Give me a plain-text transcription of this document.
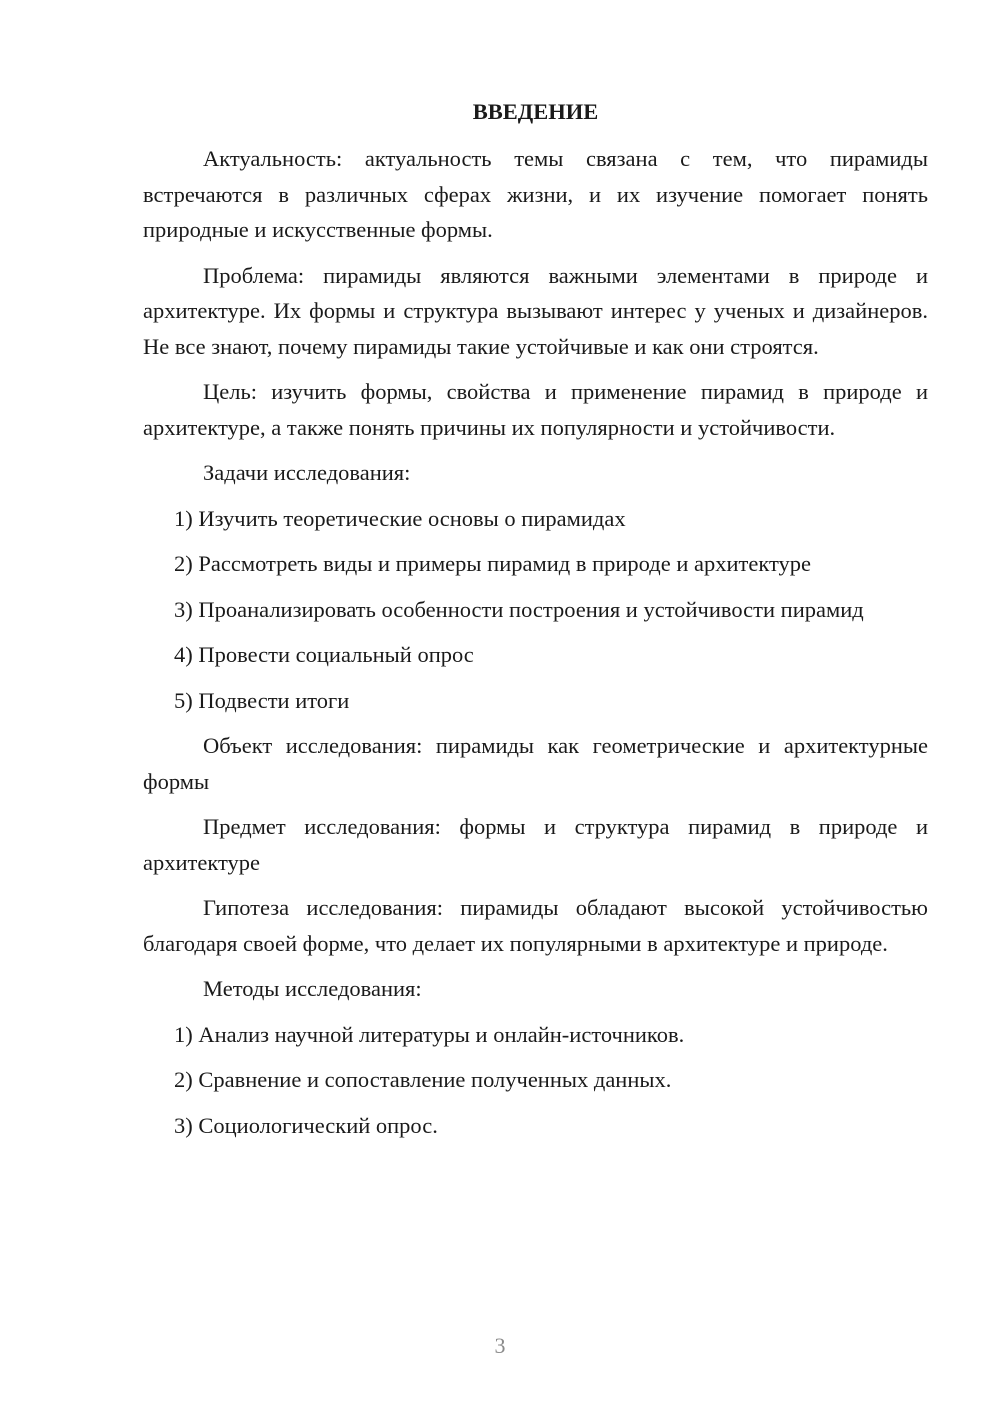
ВВЕДЕНИЕ

Актуальность: актуальность темы связана с тем, что пирамиды встречаются в различных сферах жизни, и их изучение помогает понять природные и искусственные формы.

Проблема: пирамиды являются важными элементами в природе и архитектуре. Их формы и структура вызывают интерес у ученых и дизайнеров. Не все знают, почему пирамиды такие устойчивые и как они строятся.

Цель: изучить формы, свойства и применение пирамид в природе и архитектуре, а также понять причины их популярности и устойчивости.

Задачи исследования:

1) Изучить теоретические основы о пирамидах

2) Рассмотреть виды и примеры пирамид в природе и архитектуре

3) Проанализировать особенности построения и устойчивости пирамид

4) Провести социальный опрос

5) Подвести итоги

Объект исследования: пирамиды как геометрические и архитектурные формы

Предмет исследования: формы и структура пирамид в природе и архитектуре

Гипотеза исследования: пирамиды обладают высокой устойчивостью благодаря своей форме, что делает их популярными в архитектуре и природе.

Методы исследования:

1) Анализ научной литературы и онлайн-источников.

2) Сравнение и сопоставление полученных данных.

3) Социологический опрос.

3
